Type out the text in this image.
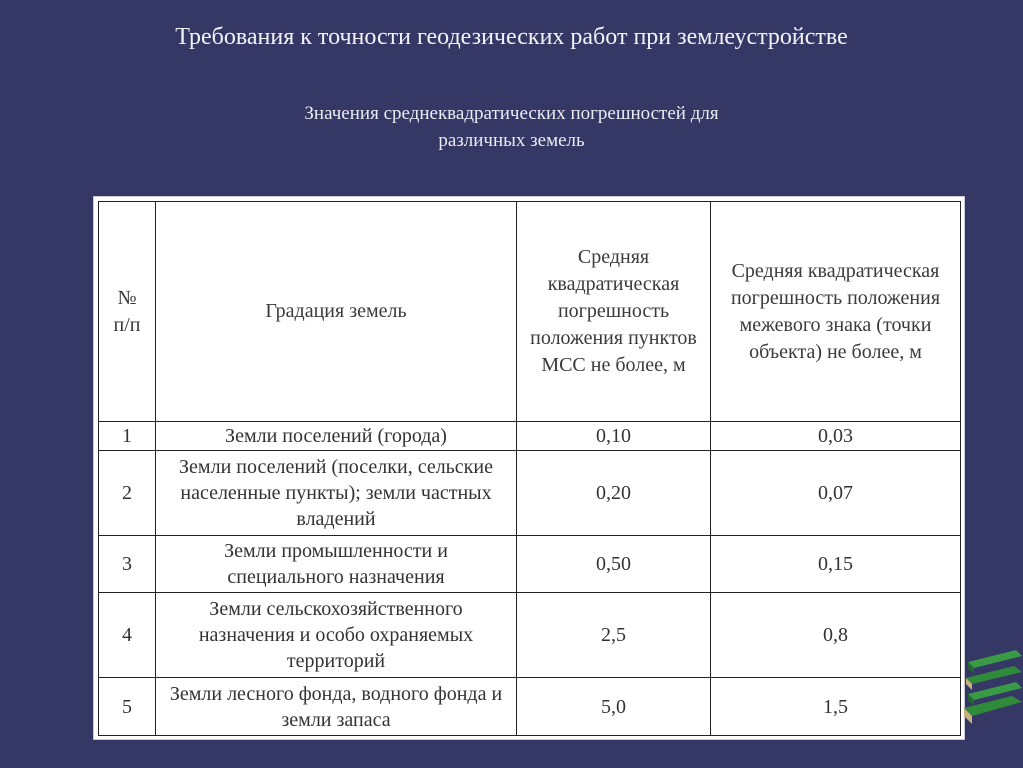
Требования к точности геодезических работ при землеустройстве
Значения среднеквадратических погрешностей для
различных земель
№ п/п	Градация земель	Средняя квадратическая погрешность положения пунктов МСС не более, м	Средняя квадратическая погрешность положения межевого знака (точки объекта) не более, м
1	Земли поселений (города)	0,10	0,03
2	Земли поселений (поселки, сельские населенные пункты); земли частных владений	0,20	0,07
3	Земли промышленности и специального назначения	0,50	0,15
4	Земли сельскохозяйственного назначения и особо охраняемых территорий	2,5	0,8
5	Земли лесного фонда, водного фонда и земли запаса	5,0	1,5
